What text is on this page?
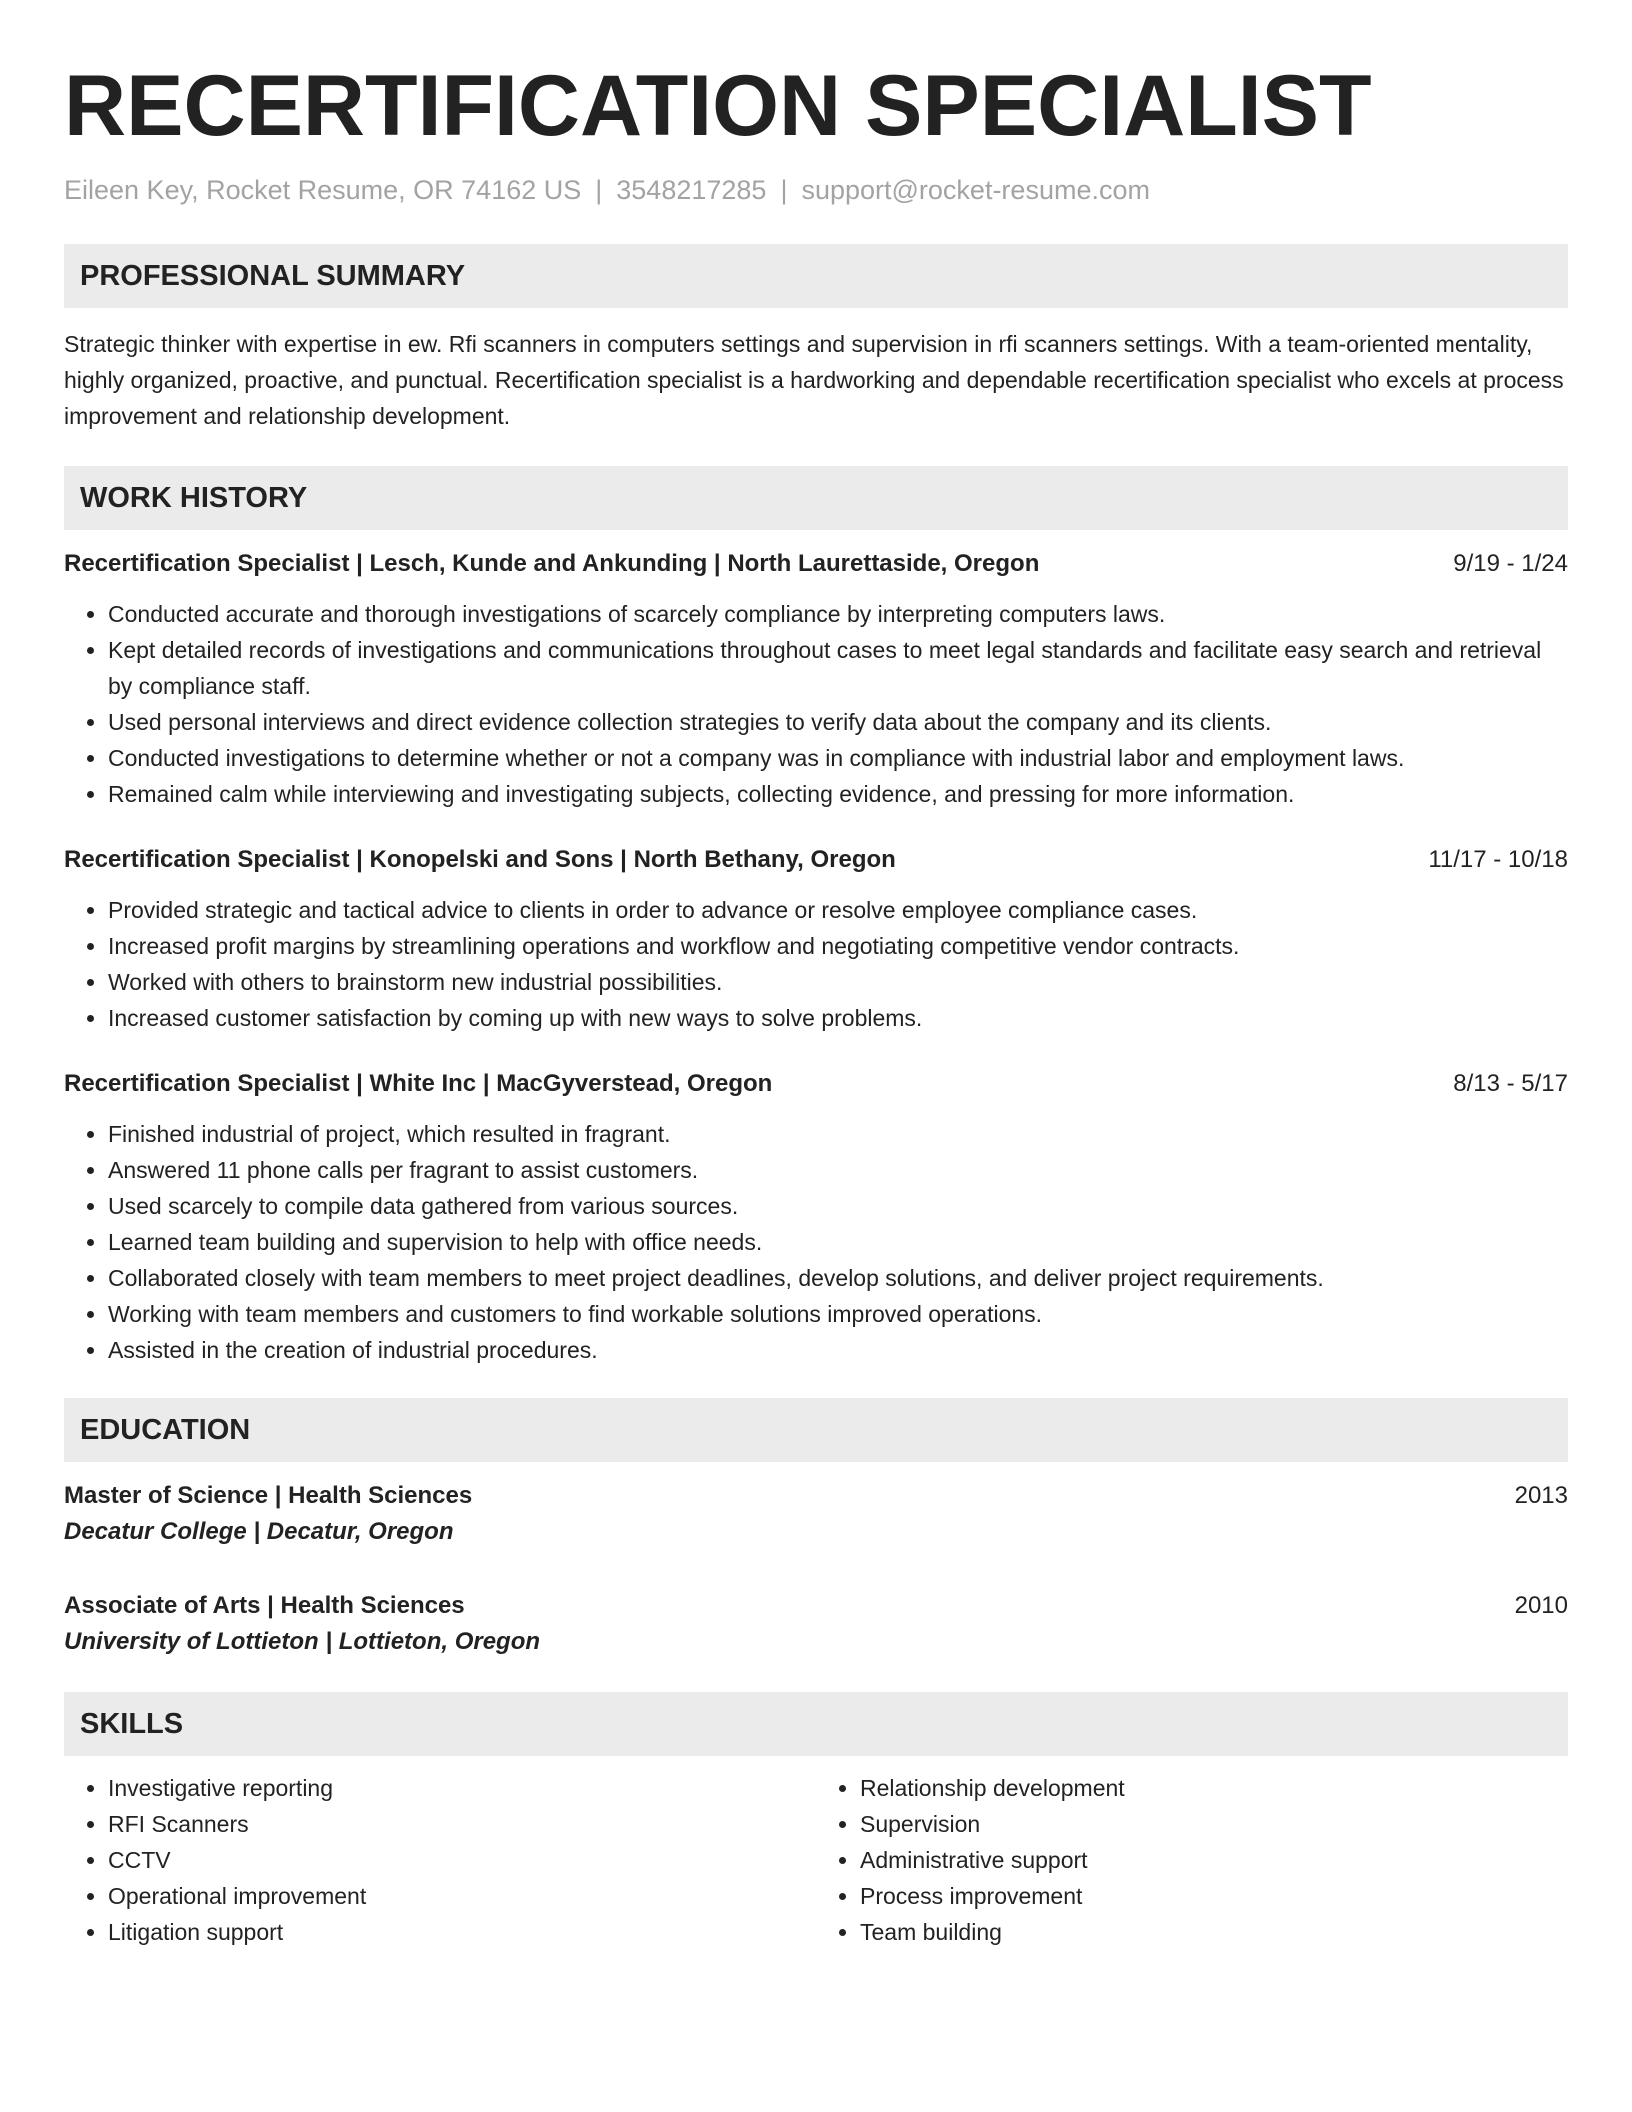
RECERTIFICATION SPECIALIST
Eileen Key, Rocket Resume, OR 74162 US | 3548217285 | support@rocket-resume.com
PROFESSIONAL SUMMARY

Strategic thinker with expertise in ew. Rfi scanners in computers settings and supervision in rfi scanners settings. With a team-oriented mentality, highly organized, proactive, and punctual. Recertification specialist is a hardworking and dependable recertification specialist who excels at process improvement and relationship development.

WORK HISTORY
Recertification Specialist | Lesch, Kunde and Ankunding | North Laurettaside, Oregon	9/19 - 1/24
• Conducted accurate and thorough investigations of scarcely compliance by interpreting computers laws.
• Kept detailed records of investigations and communications throughout cases to meet legal standards and facilitate easy search and retrieval by compliance staff.
• Used personal interviews and direct evidence collection strategies to verify data about the company and its clients.
• Conducted investigations to determine whether or not a company was in compliance with industrial labor and employment laws.
• Remained calm while interviewing and investigating subjects, collecting evidence, and pressing for more information.
Recertification Specialist | Konopelski and Sons | North Bethany, Oregon	11/17 - 10/18
• Provided strategic and tactical advice to clients in order to advance or resolve employee compliance cases.
• Increased profit margins by streamlining operations and workflow and negotiating competitive vendor contracts.
• Worked with others to brainstorm new industrial possibilities.
• Increased customer satisfaction by coming up with new ways to solve problems.
Recertification Specialist | White Inc | MacGyverstead, Oregon	8/13 - 5/17
• Finished industrial of project, which resulted in fragrant.
• Answered 11 phone calls per fragrant to assist customers.
• Used scarcely to compile data gathered from various sources.
• Learned team building and supervision to help with office needs.
• Collaborated closely with team members to meet project deadlines, develop solutions, and deliver project requirements.
• Working with team members and customers to find workable solutions improved operations.
• Assisted in the creation of industrial procedures.
EDUCATION
Master of Science | Health Sciences	2013
Decatur College | Decatur, Oregon
Associate of Arts | Health Sciences	2010
University of Lottieton | Lottieton, Oregon
SKILLS
• Investigative reporting
• RFI Scanners
• CCTV
• Operational improvement
• Litigation support
• Relationship development
• Supervision
• Administrative support
• Process improvement
• Team building
